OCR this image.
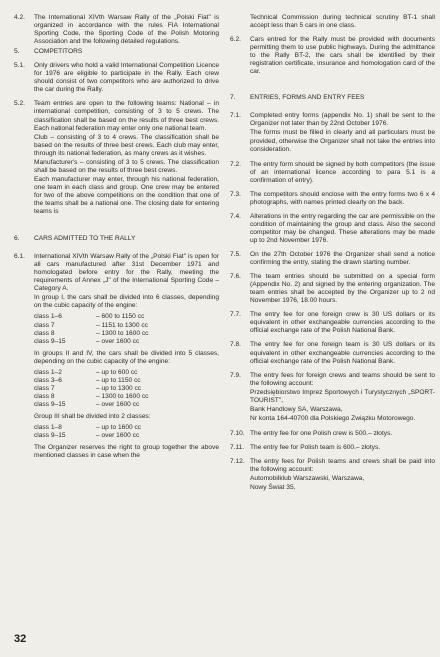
4.2.	The International XIVth Warsaw Rally of the „Polski Fiat" is organized in accordance with the rules FIA International Sporting Code, the Sporting Code of the Polish Motoring Association and the following detailed regulations.
5.	COMPETITORS
5.1.	Only drivers who hold a valid International Competition Licence for 1976 are eligible to participate in the Rally. Each crew should consist of two competitors who are authorized to drive the car during the Rally.
5.2.	Team entries are open to the following teams: National – in international competition, consisting of 3 to 5 crews. The classification shall be based on the results of three best crews. Each national federation may enter only one national team.

Club – consisting of 3 to 4 crews. The classification shall be based on the results of three best crews. Each club may enter, through its national federation, as many crews as it wishes.

Manufacturer's – consisting of 3 to 5 crews. The classification shall be based on the results of three best crews.

Each manufacturer may enter, through his national federation, one team in each class and group. One crew may be entered for two of the above competitions on the condition that one of the teams shall be a national one. The closing date for entering teams is

6.	CARS ADMITTED TO THE RALLY
6.1.	International XIVth Warsaw Rally of the „Polski Fiat" is open for all cars manufactured after 31st December 1971 and homologated before entry for the Rally, meeting the requirements of Annex „J" of the International Sporting Code – Category A.

In group I, the cars shall be divided into 6 classes, depending on the cubic capacity of the engine:

class 1–6	– 600 to 1150 cc
class 7	– 1151 to 1300 cc
class 8	– 1300 to 1600 cc
class 9–15	– over 1600 cc

In groups II and IV, the cars shall be divided into 5 classes, depending on the cubic capacity of the engine:

class 1–2	– up to 600 cc
class 3–6	– up to 1150 cc
class 7	– up to 1300 cc
class 8	– 1300 to 1600 cc
class 9–15	– over 1600 cc

Group III shall be divided into 2 classes:

class 1–8	– up to 1600 cc
class 9–15	– over 1600 cc

The Organizer reserves the right to group together the above mentioned classes in case when the

Technical Commission during technical scrutiny BT-1 shall accept less than 5 cars in one class.
6.2.	Cars entred for the Rally must be provided with documents permitting them to use public highways. During the admittance to the Rally BT-2, the cars shall be identified by their registration certificate, insurance and homologation card of the car.
7.	ENTRIES, FORMS AND ENTRY FEES
7.1.	Completed entry forms (appendix No. 1) shall be sent to the Organizer not later than by 22nd October 1976.

The forms must be filled in clearly and all particulars must be provided, otherwise the Organizer shall not take the entries into consideration.

7.2.	The entry form should be signed by both competitors (the issue of an international licence according to para 5.1 is a confirmation of entry).
7.3.	The competitors should enclose with the entry forms two 6 x 4 photographs, with names printed clearly on the back.
7.4.	Alterations in the entry regarding the car are permissible on the condition of maintaining the group and class. Also the second competitor may be changed. These alterations may be made up to 2nd November 1976.
7.5.	On the 27th October 1976 the Organizer shall send a notice confirming the entry, stating the drawn starting number.
7.6.	The team entries should be submitted on a special form (Appendix No. 2) and signed by the entering organization. The team entries shall be accepted by the Organizer up to 2 nd November 1976, 18.00 hours.
7.7.	The entry fee for one foreign crew is 30 US dollars or its equivalent in other exchangeable currencies according to the official exchange rate of the Polish National Bank.
7.8.	The entry fee for one foreign team is 30 US dollars or its equivalent in other exchangeable currencies according to the official exchange rate of the Polish National Bank.
7.9.	The entry fees for foreign crews and teams should be sent to the following account:

Przedsiębiorstwo Imprez Sportowych i Turystycznych „SPORT-TOURIST",

Bank Handlowy SA, Warszawa,

Nr konta 164-40700 dla Polskiego Związku Motorowego.

7.10. The entry fee for one Polish crew is 500.– złotys.
7.11. The entry fee for Polish team is 600.– złotys.
7.12. The entry fees for Polish teams and crews shall be paid into the following account:

Automobilklub Warszawski, Warszawa,

Nowy Świat 35,

32
